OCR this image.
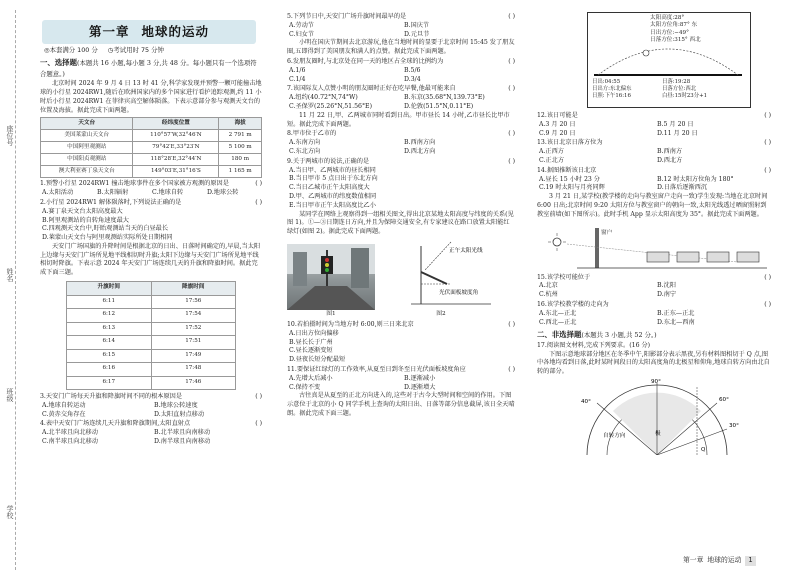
座位号
姓名
班级
学校
第一章 地球的运动
◎本套满分 100 分 ◷考试用时 75 分钟
一、选择题(本题共 16 小题,每小题 3 分,共 48 分。每小题只有一个选项符合题意。)

北京时间 2024 年 9 月 4 日 13 时 41 分,科学家发现并预警一颗可能撞击地球的小行星 2024RW1,随后在欧洲国家内的多个国家进行看护追踪观测,约 11 小时后小行星 2024RW1 在菲律宾高空解体陨落。下表示意部分参与观测天文台的位置及海拔。据此完成下面两题。

天文台	经纬度位置	海拔
美国莱蒙山天文台	110°57′W,32°46′N	2 791 m
中国阿里观测站	79°42′E,33°23′N	5 100 m
中国阳贞观测站	118°28′E,32°44′N	180 m
澳大利亚赛丁泉天文台	149°03′E,31°16′S	1 165 m

1.预警小行星 2024RW1 撞击地球事件在多个国家被方观测的原因是	( )

A.太阳活动	B.太阳辐射	C.地球自转	D.地球公转

2.小行星 2024RW1 解体陨落时,下列说法正确的是	( )

A.赛丁泉天文台太阳高度最大

B.阿里观测站的自转角速度最大

C.四观测天文台中,盱眙观测站当天的白昼最长

D.莱蒙山天文台与阿里观测站实际所处日期相同

天安门广场国旗的升降时间是根据北京的日出、日落时间确定的,早晨,当太阳上边缘与天安门广场所见地平线相切时升旗;太阳下边缘与天安门广场所见地平线相切时降旗。下表示意 2024 年天安门广场连续几天的升旗和降旗时间。据此完成下面三题。

升旗时间	降旗时间
6:11	17:56
6:12	17:54
6:13	17:52
6:14	17:51
6:15	17:49
6:16	17:48
6:17	17:46

3.天安门广场每天升旗和降旗时间不同的根本原因是	( )

A.地球自转运动	B.地球公转速度
C.黄赤交角存在	D.太阳直射点移动

4.表中天安门广场连续几天升旗和降旗期间,太阳直射点	( )

A.北半球且向北移动	B.北半球且向南移动
C.南半球且向北移动	D.南半球且向南移动

5.下列节日中,天安门广场升旗时间最早的是	( )

A.劳动节	B.国庆节
C.妇女节	D.元旦节

小明在国庆节期间去北京游玩,他在当地时间的显要于北京时间 15:45 发了朋友圈,五即得到了美国朋友和满人的点赞。据此完成下面两题。

6.发朋友圈时,与北京处在同一天的地区占全球的比例约为	( )

A.1/6	B.5/6
C.1/4	D.3/4

7.该国际友人点赞小明的朋友圈时正好在吃早餐,他最可能来自	( )

A.纽约(40.72°N,74°W)	B.东京(35.68°N,139.73°E)
C.圣保罗(25.26°N,51.56°E)	D.伦敦(51.5°N,0.11°E)

11 月 22 日,甲、乙两城市同时看到日出。甲市昼长 14 小时,乙市昼长比甲市短。据此完成下面两题。

8.甲市位于乙市的	( )

A.东南方向	B.西南方向
C.东北方向	D.西北方向

9.关于两城市的说法,正确的是	( )

A.当日甲、乙两城市的昼长相同

B.当日甲市 5 点日出于东北方向

C.当日乙城市正午太阳高度大

D.甲、乙两城市的纬度数值相同

E.当日甲市正午太阳高度比乙小

某同学在网络上观察得到一组相关图文,得出北京某地太阳高度与纬度的关系(见图 1)。①—③日期连日方向,并且为保障交通安全,有专家建议在路口放置太阳能红绿灯(如图 2)。据此完成下面两题。

图1
正午太阳光线
光伏面板坡度角
图2

10.若拍摄时间为当地方时 6:00,则三日来北京	( )

A.日出方位向偏移

B.昼长长于广州

C.昼长逐渐变短

D.昼夜长短分配最短

11.要保证红绿灯的工作效率,从夏至日到冬至日光伏面板坡度角应	( )

A.先增大后减小	B.逐渐减小
C.保持不变	D.逐渐增大

古往真是从夏至的正北方向进入的,这些对于古今大型时间和空间的作用。下图示意位于北京的小 Q 同学手机上查询的太阳日出、日落等部分信息截屏,该日全天晴朗。据此完成下面三题。

太阳高度:28°
太阳方位角:87° 东
日出方位:−49°
日落方位:315° 西北
日出:04:55	日落:19:28
日出方:东北偏东	日落方位:西北
日照:下午16:16	白昼:15时23分+1

12.该日可能是	( )

A.3 月 20 日	B.5 月 20 日
C.9 月 20 日	D.11 月 20 日

13.该日北京日落方位为	( )

A.正西方	B.西南方
C.正北方	D.西北方

14.据图推断该日北京	( )

A.昼长 15 小时 23 分	B.12 时太阳方位角为 180°
C.19 时太阳与月亮同辉	D.日落后逐渐西沉

3 月 21 日,某学校(教学楼的走向与教室窗户走向一致)学生发现:当地在北京时间 6:00 日出;北京时间 9:20 太阳方位与教室窗户的朝向一致,太阳光线透过晒窗照射到教室前墙(如下图所示)。此时手机 App 显示太阳高度为 35°。据此完成下面两题。

窗户

15.该学校可能位于	( )

A.北京	B.沈阳
C.杭州	D.南宁

16.该学校教学楼的走向为	( )

A.东北—正北	B.正东—正北
C.西北—正北	D.东北—西南
二、非选择题(本题共 3 小题,共 52 分。)

17.阅读图文材料,完成下列要求。(16 分)

下图示意地球部分地区在冬季中午,阳影部分表示黑夜,另有材料图相切于 Q 点,图中各地均看到日落,此时某时间段日的太阳高度角的北极星和仰角,地球自转方向由北自转的部分。

90°
60°
30°
40°
Q
极
自转方向
第一章 地球的运动	1
